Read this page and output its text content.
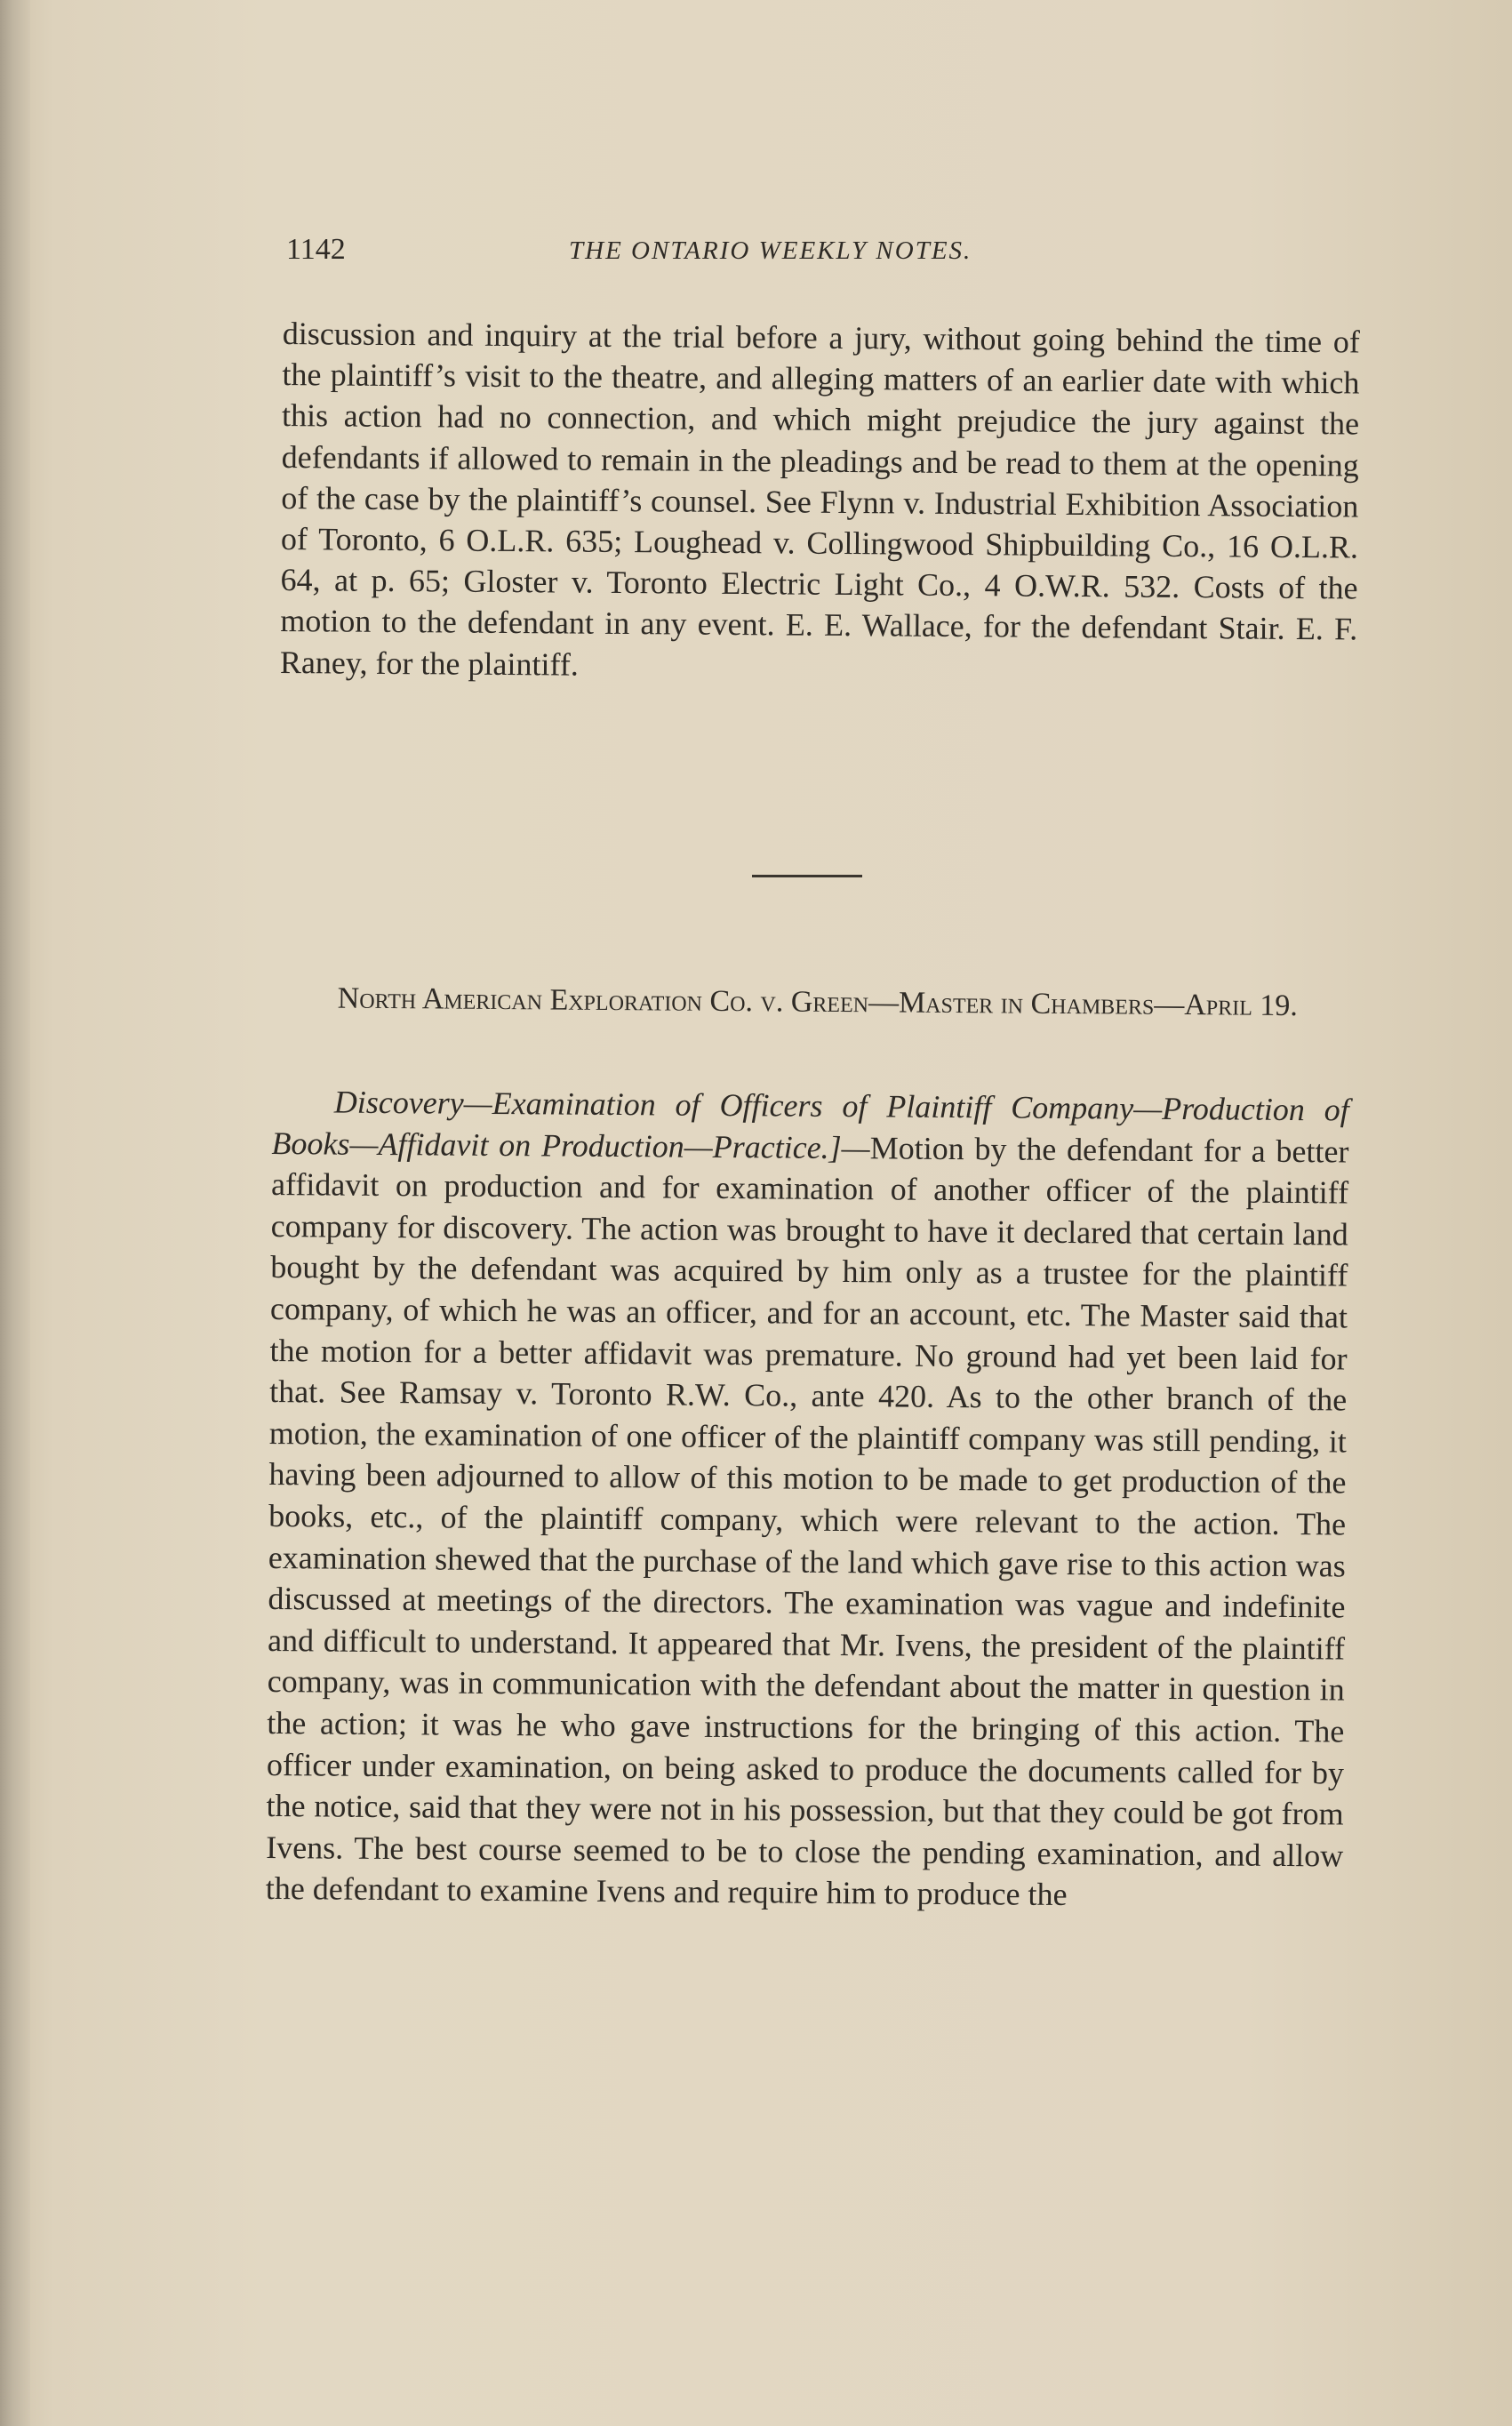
1142	THE ONTARIO WEEKLY NOTES.

discussion and inquiry at the trial before a jury, without going behind the time of the plaintiff’s visit to the theatre, and alleging matters of an earlier date with which this action had no connection, and which might prejudice the jury against the defendants if allowed to remain in the pleadings and be read to them at the opening of the case by the plaintiff’s counsel. See Flynn v. Industrial Exhibition Association of Toronto, 6 O.L.R. 635; Loughead v. Collingwood Shipbuilding Co., 16 O.L.R. 64, at p. 65; Gloster v. Toronto Electric Light Co., 4 O.W.R. 532. Costs of the motion to the defendant in any event. E. E. Wallace, for the defendant Stair. E. F. Raney, for the plaintiff.

North American Exploration Co. v. Green—Master in Chambers—April 19.

Discovery—Examination of Officers of Plaintiff Company—Production of Books—Affidavit on Production—Practice.]—Motion by the defendant for a better affidavit on production and for examination of another officer of the plaintiff company for discovery. The action was brought to have it declared that certain land bought by the defendant was acquired by him only as a trustee for the plaintiff company, of which he was an officer, and for an account, etc. The Master said that the motion for a better affidavit was premature. No ground had yet been laid for that. See Ramsay v. Toronto R.W. Co., ante 420. As to the other branch of the motion, the examination of one officer of the plaintiff company was still pending, it having been adjourned to allow of this motion to be made to get production of the books, etc., of the plaintiff company, which were relevant to the action. The examination shewed that the purchase of the land which gave rise to this action was discussed at meetings of the directors. The examination was vague and indefinite and difficult to understand. It appeared that Mr. Ivens, the president of the plaintiff company, was in communication with the defendant about the matter in question in the action; it was he who gave instructions for the bringing of this action. The officer under examination, on being asked to produce the documents called for by the notice, said that they were not in his possession, but that they could be got from Ivens. The best course seemed to be to close the pending examination, and allow the defendant to examine Ivens and require him to produce the
